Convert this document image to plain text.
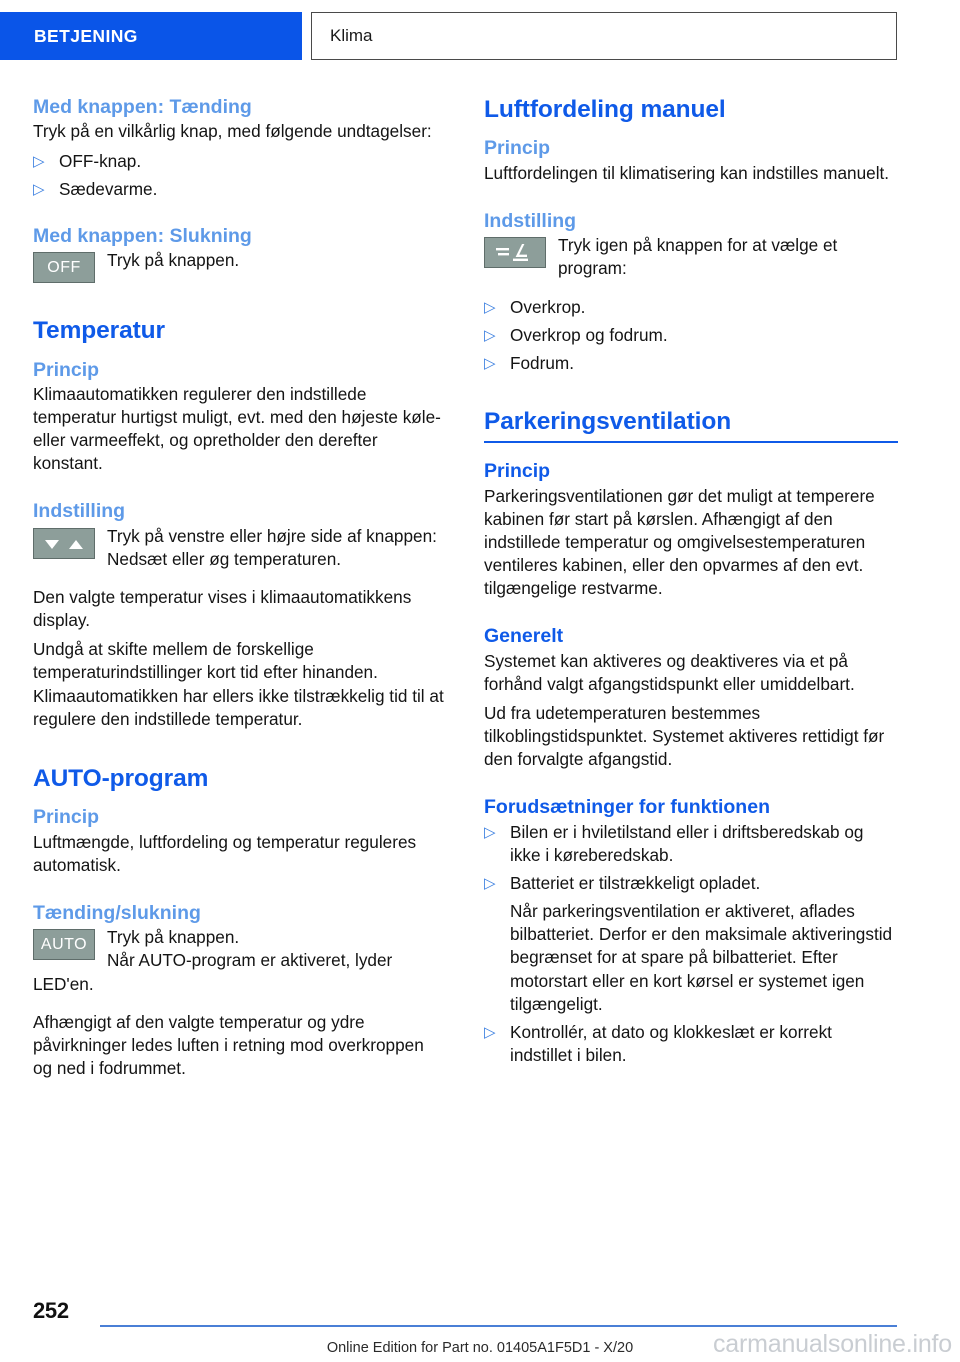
BETJENING	Klima
Med knappen: Tænding

Tryk på en vilkårlig knap, med følgende undtagelser:

▷ OFF-knap.
▷ Sædevarme.
Med knappen: Slukning
OFF Tryk på knappen.
Temperatur
Princip

Klimaautomatikken regulerer den indstillede temperatur hurtigst muligt, evt. med den højeste køle- eller varmeeffekt, og opretholder den derefter konstant.

Indstilling
Tryk på venstre eller højre side af knappen: Nedsæt eller øg temperaturen.

Den valgte temperatur vises i klimaautomatikkens display.

Undgå at skifte mellem de forskellige temperaturindstillinger kort tid efter hinanden. Klimaautomatikken har ellers ikke tilstrækkelig tid til at regulere den indstillede temperatur.

AUTO-program
Princip

Luftmængde, luftfordeling og temperatur reguleres automatisk.

Tænding/slukning
AUTO Tryk på knappen.
Når AUTO-program er aktiveret, lyder LED'en.

Afhængigt af den valgte temperatur og ydre påvirkninger ledes luften i retning mod overkroppen og ned i fodrummet.

Luftfordeling manuel
Princip

Luftfordelingen til klimatisering kan indstilles manuelt.

Indstilling
Tryk igen på knappen for at vælge et program:
▷ Overkrop.
▷ Overkrop og fodrum.
▷ Fodrum.
Parkeringsventilation
Princip

Parkeringsventilationen gør det muligt at temperere kabinen før start på kørslen. Afhængigt af den indstillede temperatur og omgivelsestemperaturen ventileres kabinen, eller den opvarmes af den evt. tilgængelige restvarme.

Generelt

Systemet kan aktiveres og deaktiveres via et på forhånd valgt afgangstidspunkt eller umiddelbart.

Ud fra udetemperaturen bestemmes tilkoblingstidspunktet. Systemet aktiveres rettidigt før den forvalgte afgangstid.

Forudsætninger for funktionen
▷ Bilen er i hviletilstand eller i driftsberedskab og ikke i køreberedskab.
▷ Batteriet er tilstrækkeligt opladet.
Når parkeringsventilation er aktiveret, aflades bilbatteriet. Derfor er den maksimale aktiveringstid begrænset for at spare på bilbatteriet. Efter motorstart eller en kort kørsel er systemet igen tilgængeligt.
▷ Kontrollér, at dato og klokkeslæt er korrekt indstillet i bilen.
252
Online Edition for Part no. 01405A1F5D1 - X/20	carmanualsonline.info
